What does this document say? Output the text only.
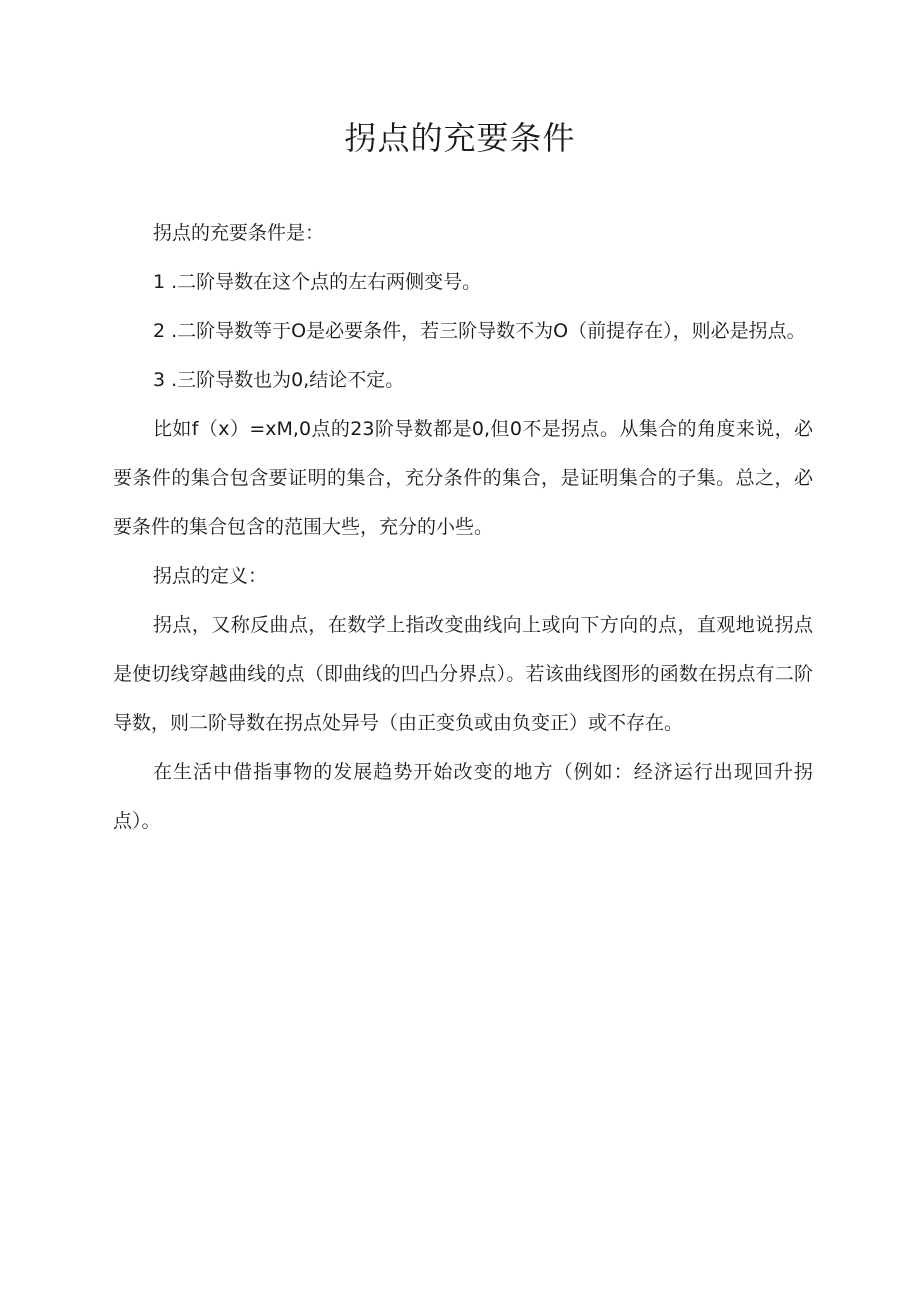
拐点的充要条件

拐点的充要条件是：

1 .二阶导数在这个点的左右两侧变号。

2 .二阶导数等于O是必要条件，若三阶导数不为O（前提存在），则必是拐点。

3 .三阶导数也为0,结论不定。

比如f（x）=xM,0点的23阶导数都是0,但0不是拐点。从集合的角度来说，必要条件的集合包含要证明的集合，充分条件的集合，是证明集合的子集。总之，必要条件的集合包含的范围大些，充分的小些。

拐点的定义：

拐点，又称反曲点，在数学上指改变曲线向上或向下方向的点，直观地说拐点是使切线穿越曲线的点（即曲线的凹凸分界点）。若该曲线图形的函数在拐点有二阶导数，则二阶导数在拐点处异号（由正变负或由负变正）或不存在。

在生活中借指事物的发展趋势开始改变的地方（例如：经济运行出现回升拐点）。
